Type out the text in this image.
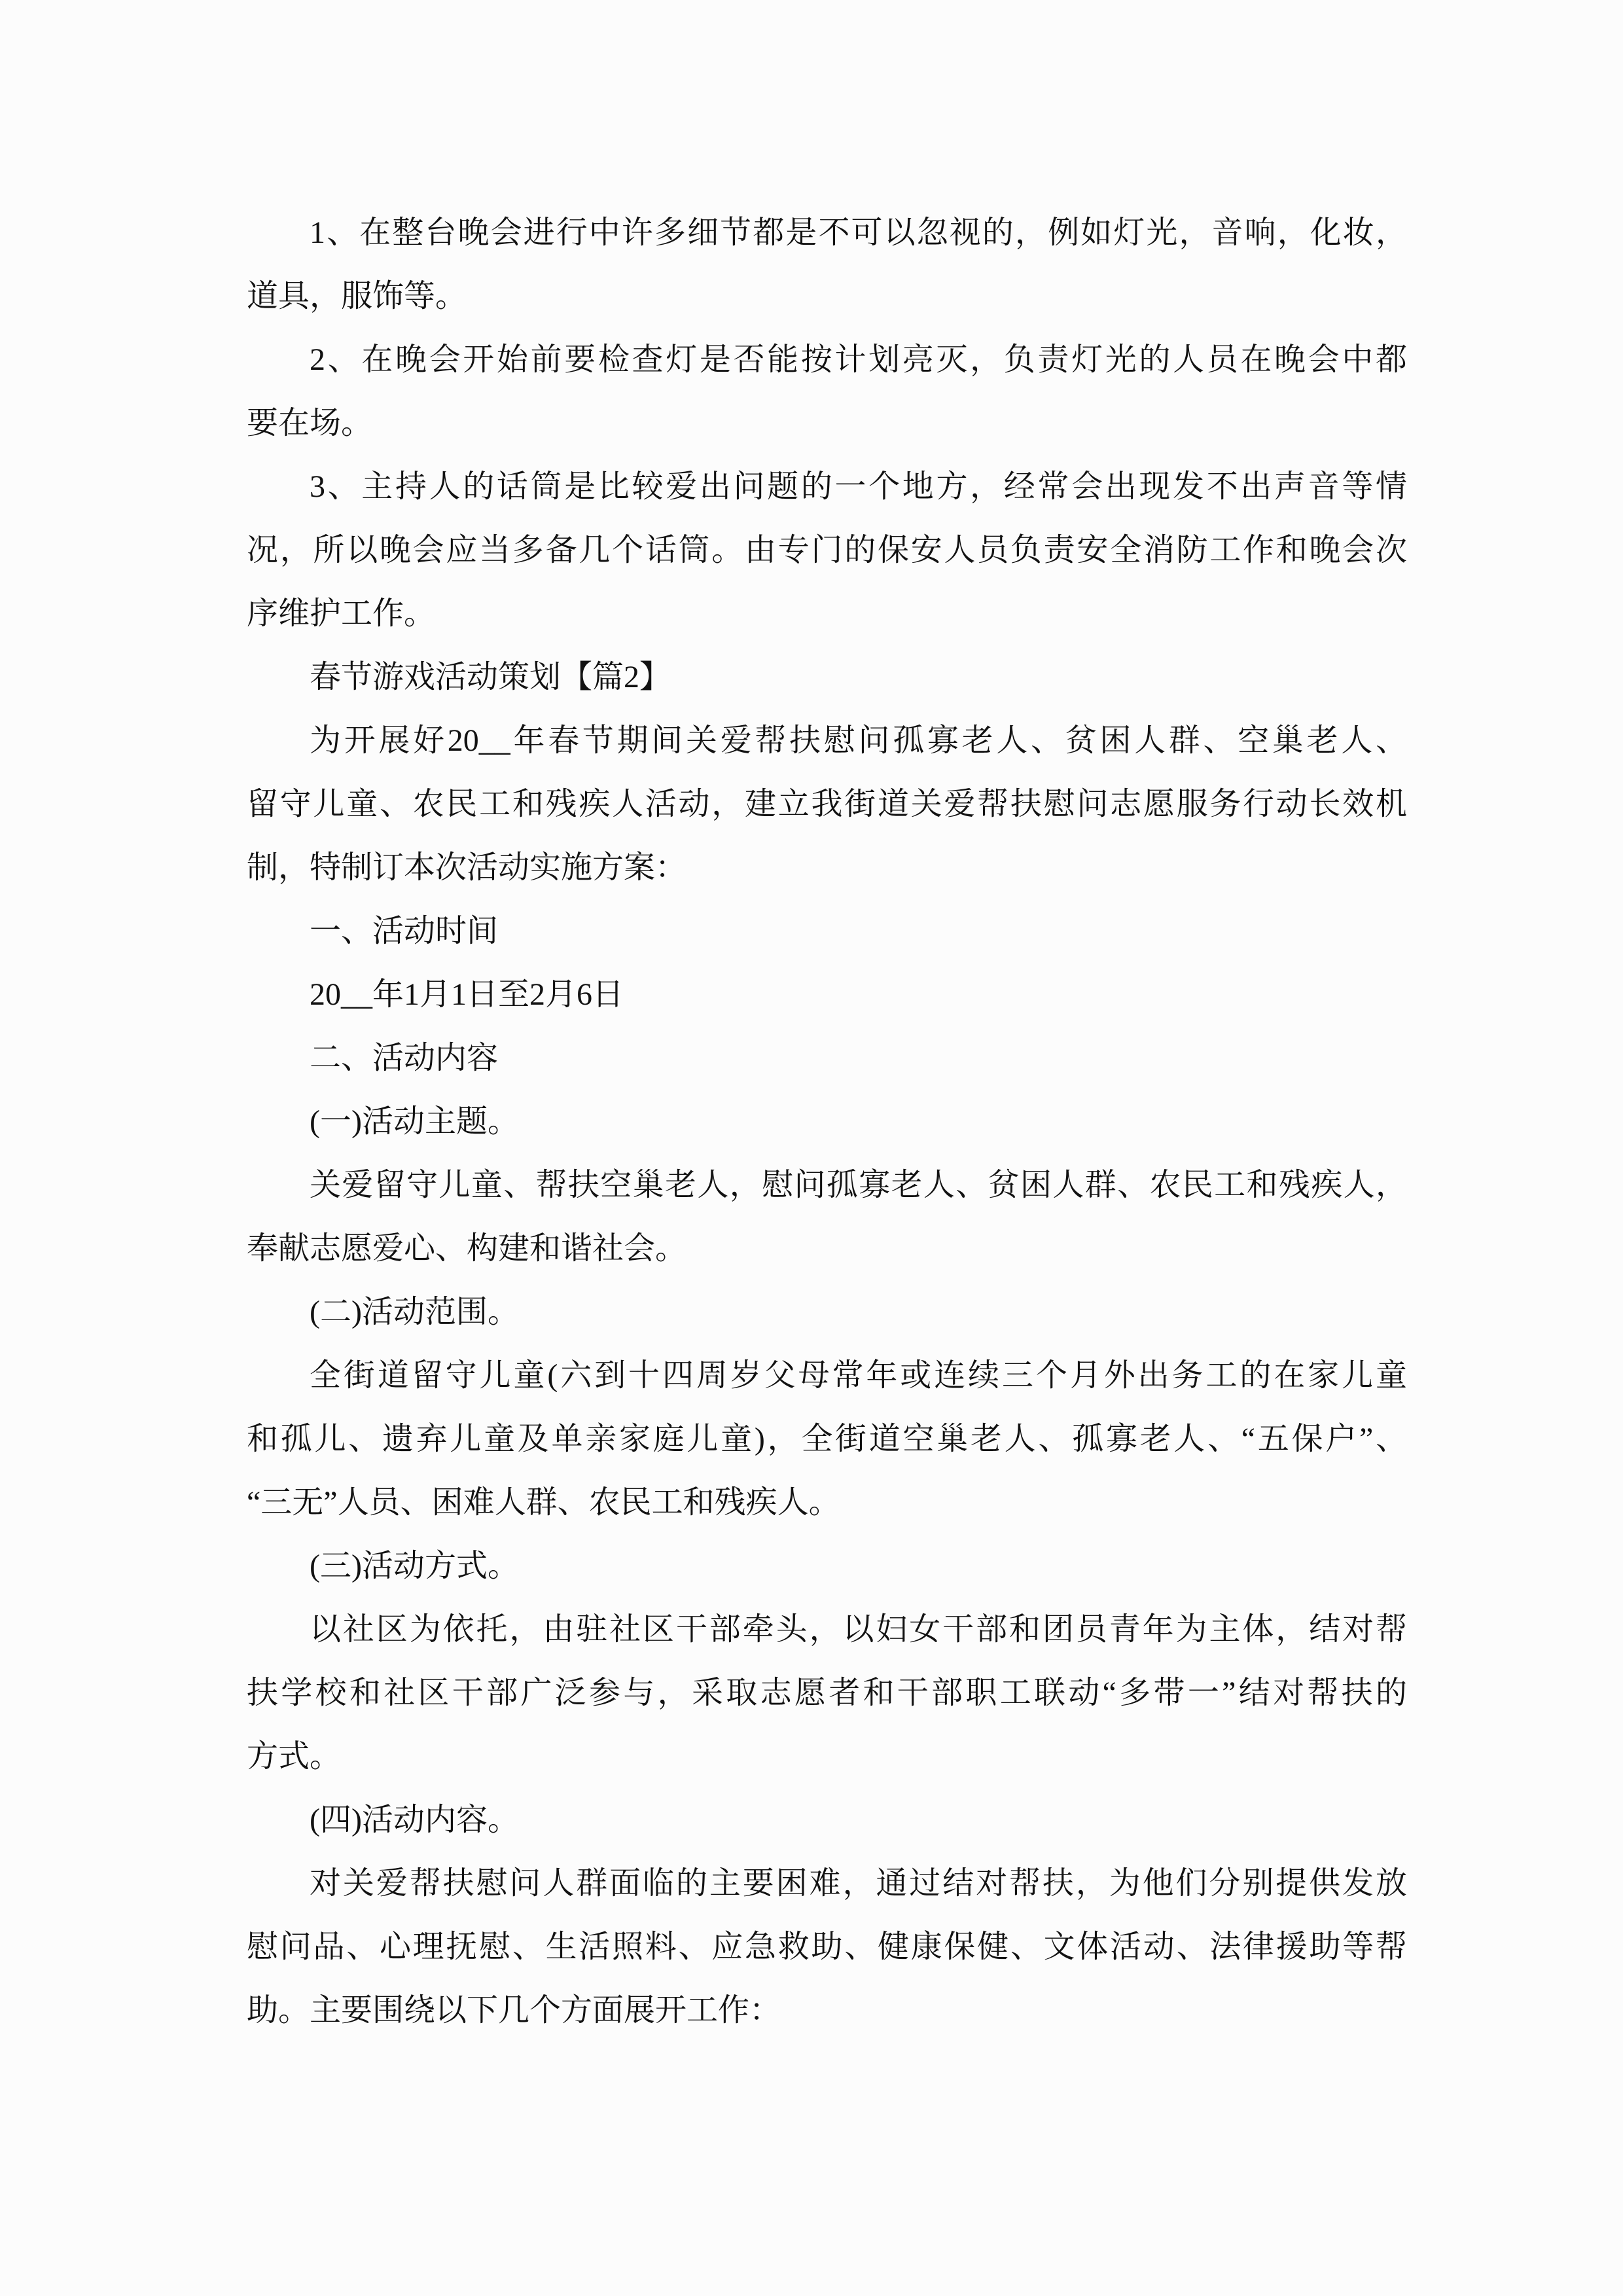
1、在整台晚会进行中许多细节都是不可以忽视的，例如灯光，音响，化妆，
道具，服饰等。
2、在晚会开始前要检查灯是否能按计划亮灭，负责灯光的人员在晚会中都
要在场。
3、主持人的话筒是比较爱出问题的一个地方，经常会出现发不出声音等情
况，所以晚会应当多备几个话筒。由专门的保安人员负责安全消防工作和晚会次
序维护工作。
春节游戏活动策划【篇2】
为开展好20__年春节期间关爱帮扶慰问孤寡老人、贫困人群、空巢老人、
留守儿童、农民工和残疾人活动，建立我街道关爱帮扶慰问志愿服务行动长效机
制，特制订本次活动实施方案：
一、活动时间
20__年1月1日至2月6日
二、活动内容
(一)活动主题。
关爱留守儿童、帮扶空巢老人，慰问孤寡老人、贫困人群、农民工和残疾人，
奉献志愿爱心、构建和谐社会。
(二)活动范围。
全街道留守儿童(六到十四周岁父母常年或连续三个月外出务工的在家儿童
和孤儿、遗弃儿童及单亲家庭儿童)，全街道空巢老人、孤寡老人、“五保户”、
“三无”人员、困难人群、农民工和残疾人。
(三)活动方式。
以社区为依托，由驻社区干部牵头，以妇女干部和团员青年为主体，结对帮
扶学校和社区干部广泛参与，采取志愿者和干部职工联动“多带一”结对帮扶的
方式。
(四)活动内容。
对关爱帮扶慰问人群面临的主要困难，通过结对帮扶，为他们分别提供发放
慰问品、心理抚慰、生活照料、应急救助、健康保健、文体活动、法律援助等帮
助。主要围绕以下几个方面展开工作：
